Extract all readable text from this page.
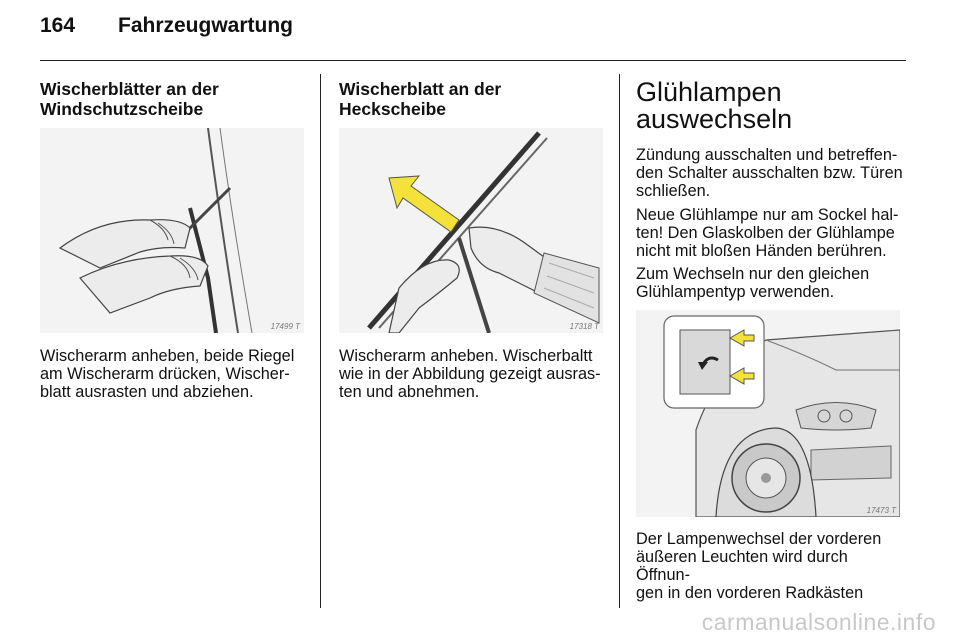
164 Fahrzeugwartung
Wischerblätter an der
Windschutzscheibe
17499 T
Wischerarm anheben, beide Riegel
am Wischerarm drücken, Wischer-
blatt ausrasten und abziehen.
Wischerblatt an der
Heckscheibe
17318 T
Wischerarm anheben. Wischerbaltt
wie in der Abbildung gezeigt ausras-
ten und abnehmen.
Glühlampen
auswechseln
Zündung ausschalten und betreffen-
den Schalter ausschalten bzw. Türen
schließen.
Neue Glühlampe nur am Sockel hal-
ten! Den Glaskolben der Glühlampe
nicht mit bloßen Händen berühren.
Zum Wechseln nur den gleichen
Glühlampentyp verwenden.
17473 T
Der Lampenwechsel der vorderen
äußeren Leuchten wird durch Öffnun-
gen in den vorderen Radkästen
carmanualsonline.info
